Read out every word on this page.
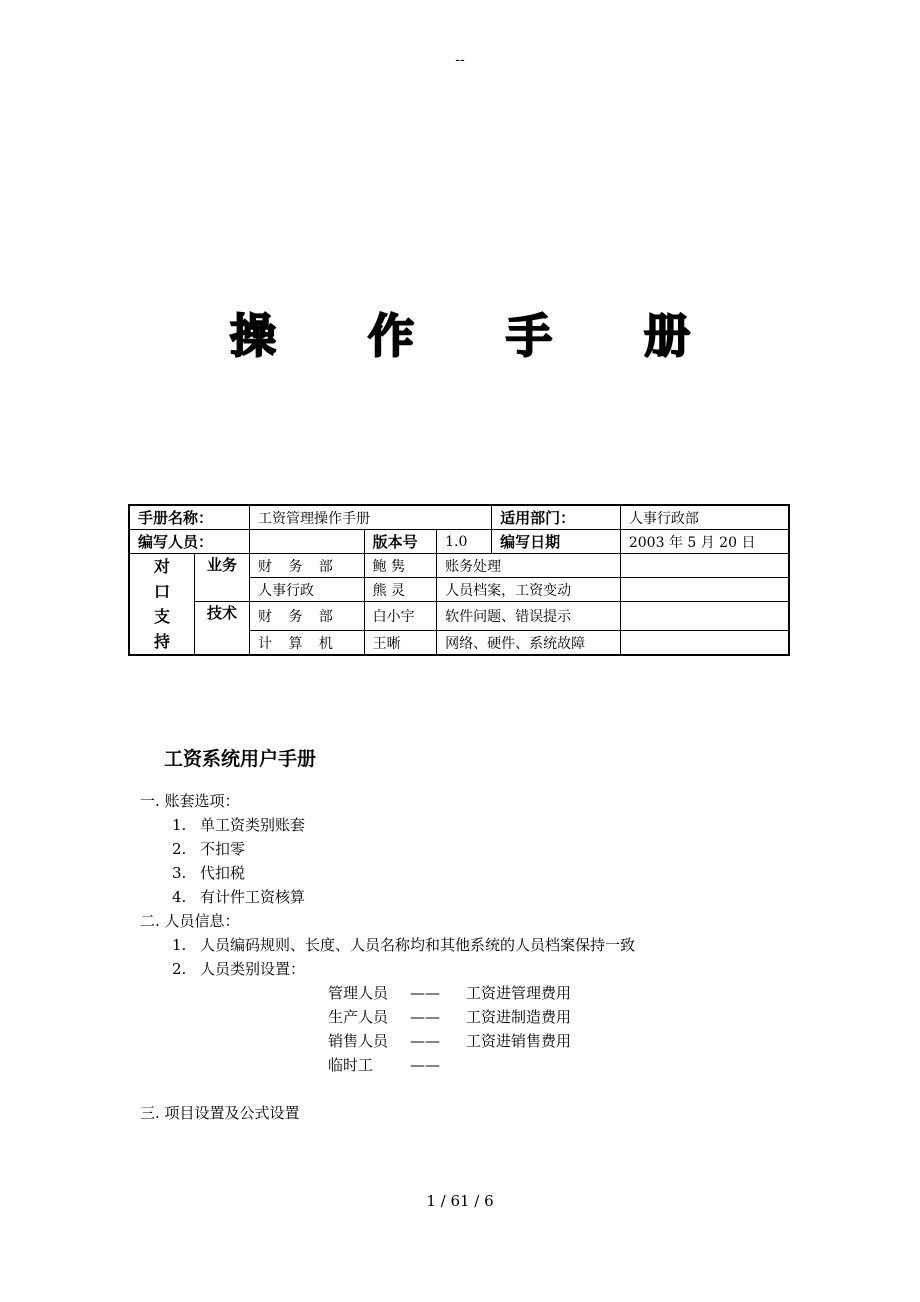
--
操 作 手 册
手册名称：		工资管理操作手册			适用部门：	人事行政部
编写人员：			版本号	1.0	编写日期	2003 年 5 月 20 日

对
口
支
持	业务	财 务 部	鲍 隽	账务处理		
		人事行政	熊 灵	人员档案，工资变动		
	技术	财 务 部	白小宇	软件问题、错误提示		
		计 算 机	王晰	网络、硬件、系统故障		
工资系统用户手册
一. 账套选项：
1. 单工资类别账套
2. 不扣零
3. 代扣税
4. 有计件工资核算
二. 人员信息：
1. 人员编码规则、长度、人员名称均和其他系统的人员档案保持一致
2. 人员类别设置：
管理人员 —— 工资进管理费用
生产人员 —— 工资进制造费用
销售人员 —— 工资进销售费用
临时工 ——
三. 项目设置及公式设置
1 / 61 / 6
